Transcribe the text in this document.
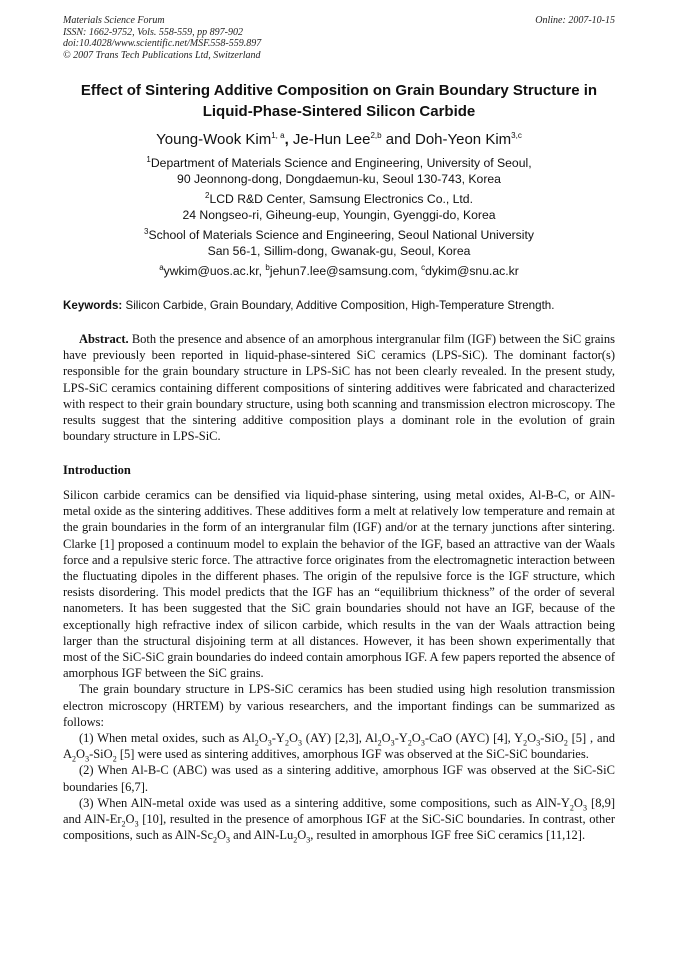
Materials Science Forum	Online: 2007-10-15
ISSN: 1662-9752, Vols. 558-559, pp 897-902
doi:10.4028/www.scientific.net/MSF.558-559.897
© 2007 Trans Tech Publications Ltd, Switzerland
Effect of Sintering Additive Composition on Grain Boundary Structure in
Liquid-Phase-Sintered Silicon Carbide
Young-Wook Kim$^{1, a}$, Je-Hun Lee$^{2,b}$ and Doh-Yeon Kim$^{3,c}$
$^1$Department of Materials Science and Engineering, University of Seoul,
90 Jeonnong-dong, Dongdaemun-ku, Seoul 130-743, Korea
$^2$LCD R&D Center, Samsung Electronics Co., Ltd.
24 Nongseo-ri, Giheung-eup, Youngin, Gyenggi-do, Korea
$^3$School of Materials Science and Engineering, Seoul National University
San 56-1, Sillim-dong, Gwanak-gu, Seoul, Korea
$^a$ywkim@uos.ac.kr, $^b$jehun7.lee@samsung.com, $^c$dykim@snu.ac.kr
Keywords: Silicon Carbide, Grain Boundary, Additive Composition, High-Temperature Strength.

Abstract. Both the presence and absence of an amorphous intergranular film (IGF) between the SiC grains have previously been reported in liquid-phase-sintered SiC ceramics (LPS-SiC). The dominant factor(s) responsible for the grain boundary structure in LPS-SiC has not been clearly revealed. In the present study, LPS-SiC ceramics containing different compositions of sintering additives were fabricated and characterized with respect to their grain boundary structure, using both scanning and transmission electron microscopy. The results suggest that the sintering additive composition plays a dominant role in the evolution of grain boundary structure in LPS-SiC.

Introduction

Silicon carbide ceramics can be densified via liquid-phase sintering, using metal oxides, Al-B-C, or AlN-metal oxide as the sintering additives. These additives form a melt at relatively low temperature and remain at the grain boundaries in the form of an intergranular film (IGF) and/or at the ternary junctions after sintering. Clarke [1] proposed a continuum model to explain the behavior of the IGF, based an attractive van der Waals force and a repulsive steric force. The attractive force originates from the electromagnetic interaction between the fluctuating dipoles in the different phases. The origin of the repulsive force is the IGF structure, which resists disordering. This model predicts that the IGF has an “equilibrium thickness” of the order of several nanometers. It has been suggested that the SiC grain boundaries should not have an IGF, because of the exceptionally high refractive index of silicon carbide, which results in the van der Waals attraction being larger than the structural disjoining term at all distances. However, it has been shown experimentally that most of the SiC-SiC grain boundaries do indeed contain amorphous IGF. A few papers reported the absence of amorphous IGF between the SiC grains.

The grain boundary structure in LPS-SiC ceramics has been studied using high resolution transmission electron microscopy (HRTEM) by various researchers, and the important findings can be summarized as follows:

(1) When metal oxides, such as $Al_2O_3-Y_2O_3$ (AY) [2,3], $Al_2O_3-Y_2O_3$-CaO (AYC) [4], $Y_2O_3-SiO_2$ [5] , and $A_2O_3-SiO_2$ [5] were used as sintering additives, amorphous IGF was observed at the SiC-SiC boundaries.

(2) When Al-B-C (ABC) was used as a sintering additive, amorphous IGF was observed at the SiC-SiC boundaries [6,7].

(3) When AlN-metal oxide was used as a sintering additive, some compositions, such as AlN-$Y_2O_3$ [8,9] and AlN-$Er_2O_3$ [10], resulted in the presence of amorphous IGF at the SiC-SiC boundaries. In contrast, other compositions, such as AlN-$Sc_2O_3$ and AlN-$Lu_2O_3$, resulted in amorphous IGF free SiC ceramics [11,12].
